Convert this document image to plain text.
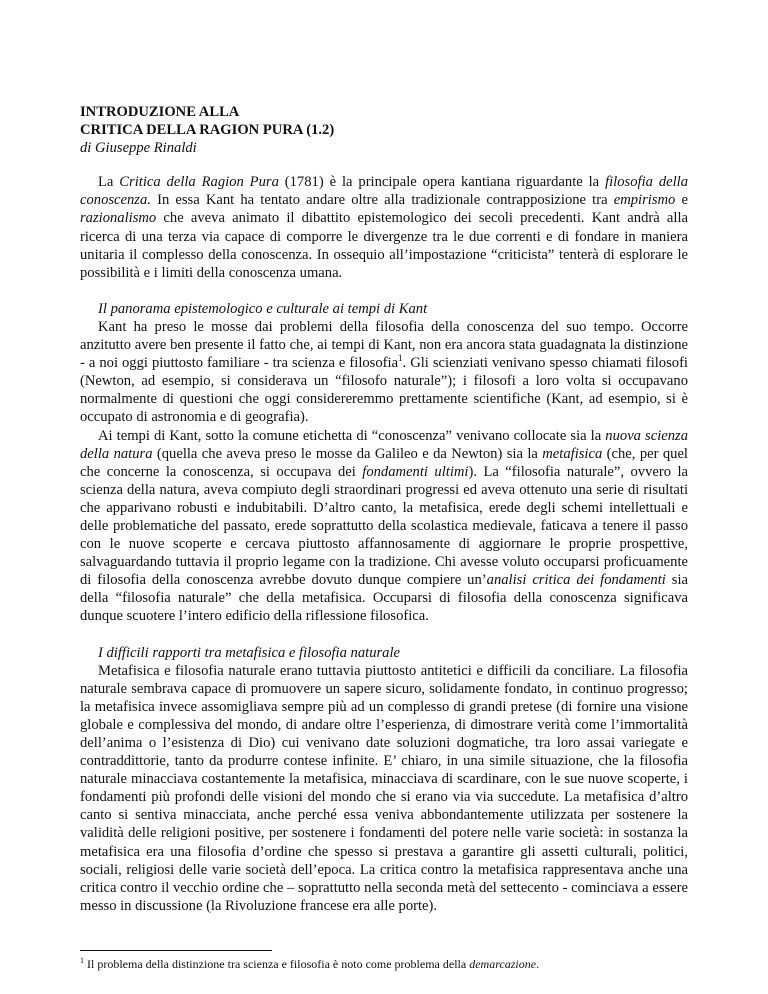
INTRODUZIONE ALLA
CRITICA DELLA RAGION PURA (1.2)
di Giuseppe Rinaldi

La Critica della Ragion Pura (1781) è la principale opera kantiana riguardante la filosofia della conoscenza. In essa Kant ha tentato andare oltre alla tradizionale contrapposizione tra empirismo e razionalismo che aveva animato il dibattito epistemologico dei secoli precedenti. Kant andrà alla ricerca di una terza via capace di comporre le divergenze tra le due correnti e di fondare in maniera unitaria il complesso della conoscenza. In ossequio all’impostazione “criticista” tenterà di esplorare le possibilità e i limiti della conoscenza umana.

Il panorama epistemologico e culturale ai tempi di Kant

Kant ha preso le mosse dai problemi della filosofia della conoscenza del suo tempo. Occorre anzitutto avere ben presente il fatto che, ai tempi di Kant, non era ancora stata guadagnata la distinzione - a noi oggi piuttosto familiare - tra scienza e filosofia$^1$. Gli scienziati venivano spesso chiamati filosofi (Newton, ad esempio, si considerava un “filosofo naturale”); i filosofi a loro volta si occupavano normalmente di questioni che oggi considereremmo prettamente scientifiche (Kant, ad esempio, si è occupato di astronomia e di geografia).

Ai tempi di Kant, sotto la comune etichetta di “conoscenza” venivano collocate sia la nuova scienza della natura (quella che aveva preso le mosse da Galileo e da Newton) sia la metafisica (che, per quel che concerne la conoscenza, si occupava dei fondamenti ultimi). La “filosofia naturale”, ovvero la scienza della natura, aveva compiuto degli straordinari progressi ed aveva ottenuto una serie di risultati che apparivano robusti e indubitabili. D’altro canto, la metafisica, erede degli schemi intellettuali e delle problematiche del passato, erede soprattutto della scolastica medievale, faticava a tenere il passo con le nuove scoperte e cercava piuttosto affannosamente di aggiornare le proprie prospettive, salvaguardando tuttavia il proprio legame con la tradizione. Chi avesse voluto occuparsi proficuamente di filosofia della conoscenza avrebbe dovuto dunque compiere un’analisi critica dei fondamenti sia della “filosofia naturale” che della metafisica. Occuparsi di filosofia della conoscenza significava dunque scuotere l’intero edificio della riflessione filosofica.

I difficili rapporti tra metafisica e filosofia naturale

Metafisica e filosofia naturale erano tuttavia piuttosto antitetici e difficili da conciliare. La filosofia naturale sembrava capace di promuovere un sapere sicuro, solidamente fondato, in continuo progresso; la metafisica invece assomigliava sempre più ad un complesso di grandi pretese (di fornire una visione globale e complessiva del mondo, di andare oltre l’esperienza, di dimostrare verità come l’immortalità dell’anima o l’esistenza di Dio) cui venivano date soluzioni dogmatiche, tra loro assai variegate e contraddittorie, tanto da produrre contese infinite. E’ chiaro, in una simile situazione, che la filosofia naturale minacciava costantemente la metafisica, minacciava di scardinare, con le sue nuove scoperte, i fondamenti più profondi delle visioni del mondo che si erano via via succedute. La metafisica d’altro canto si sentiva minacciata, anche perché essa veniva abbondantemente utilizzata per sostenere la validità delle religioni positive, per sostenere i fondamenti del potere nelle varie società: in sostanza la metafisica era una filosofia d’ordine che spesso si prestava a garantire gli assetti culturali, politici, sociali, religiosi delle varie società dell’epoca. La critica contro la metafisica rappresentava anche una critica contro il vecchio ordine che – soprattutto nella seconda metà del settecento - cominciava a essere messo in discussione (la Rivoluzione francese era alle porte).

$^1$ Il problema della distinzione tra scienza e filosofia è noto come problema della demarcazione.
